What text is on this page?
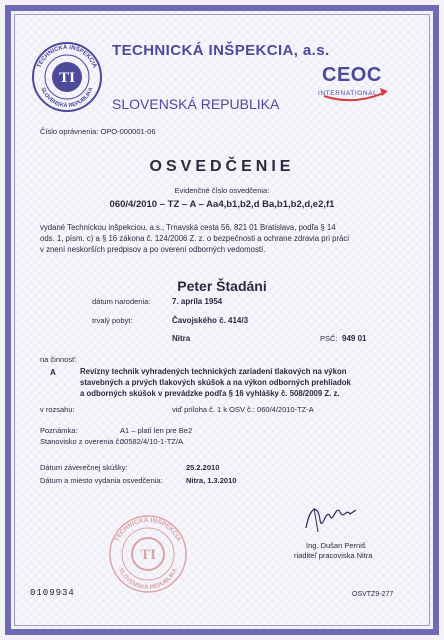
TI
TECHNICKÁ INŠPEKCIA
SLOVENSKÁ REPUBLIKA
TECHNICKÁ INŠPEKCIA, a.s.
SLOVENSKÁ REPUBLIKA
CEOC
INTERNATIONAL
Číslo oprávnenia: OPO-000001-06
OSVEDČENIE
Evidenčné číslo osvedčenia:
060/4/2010 – TZ – A – Aa4,b1,b2,d Ba,b1,b2,d,e2,f1
vydané Technickou inšpekciou, a.s., Trnavská cesta 56, 821 01 Bratislava, podľa § 14
ods. 1, písm. c) a § 16 zákona č. 124/2006 Z. z. o bezpečnosti a ochrane zdravia pri práci
v znení neskorších predpisov a po overení odborných vedomostí.
Peter Štadáni
dátum narodenia:	7. apríla 1954
trvalý pobyt:	Čavojského č. 414/3
Nitra	PSČ: 949 01
na činnosť:
A	Revízny technik vyhradených technických zariadení tlakových na výkon
stavebných a prvých tlakových skúšok a na výkon odborných prehliadok
a odborných skúšok v prevádzke podľa § 16 vyhlášky č. 508/2009 Z. z.
v rozsahu:	viď príloha č. 1 k OSV č.: 060/4/2010-TZ-A
Poznámka:	A1 – platí len pre Be2
Stanovisko z overenia č.:
00582/4/10-1-TZ/A
Dátum záverečnej skúšky:	25.2.2010
Dátum a miesto vydania osvedčenia:	Nitra, 1.3.2010
Ing. Dušan Perniš
riaditeľ pracoviska Nitra
TI
TECHNICKÁ INŠPEKCIA
SLOVENSKÁ REPUBLIKA
0109934	OSVTZ9-277
